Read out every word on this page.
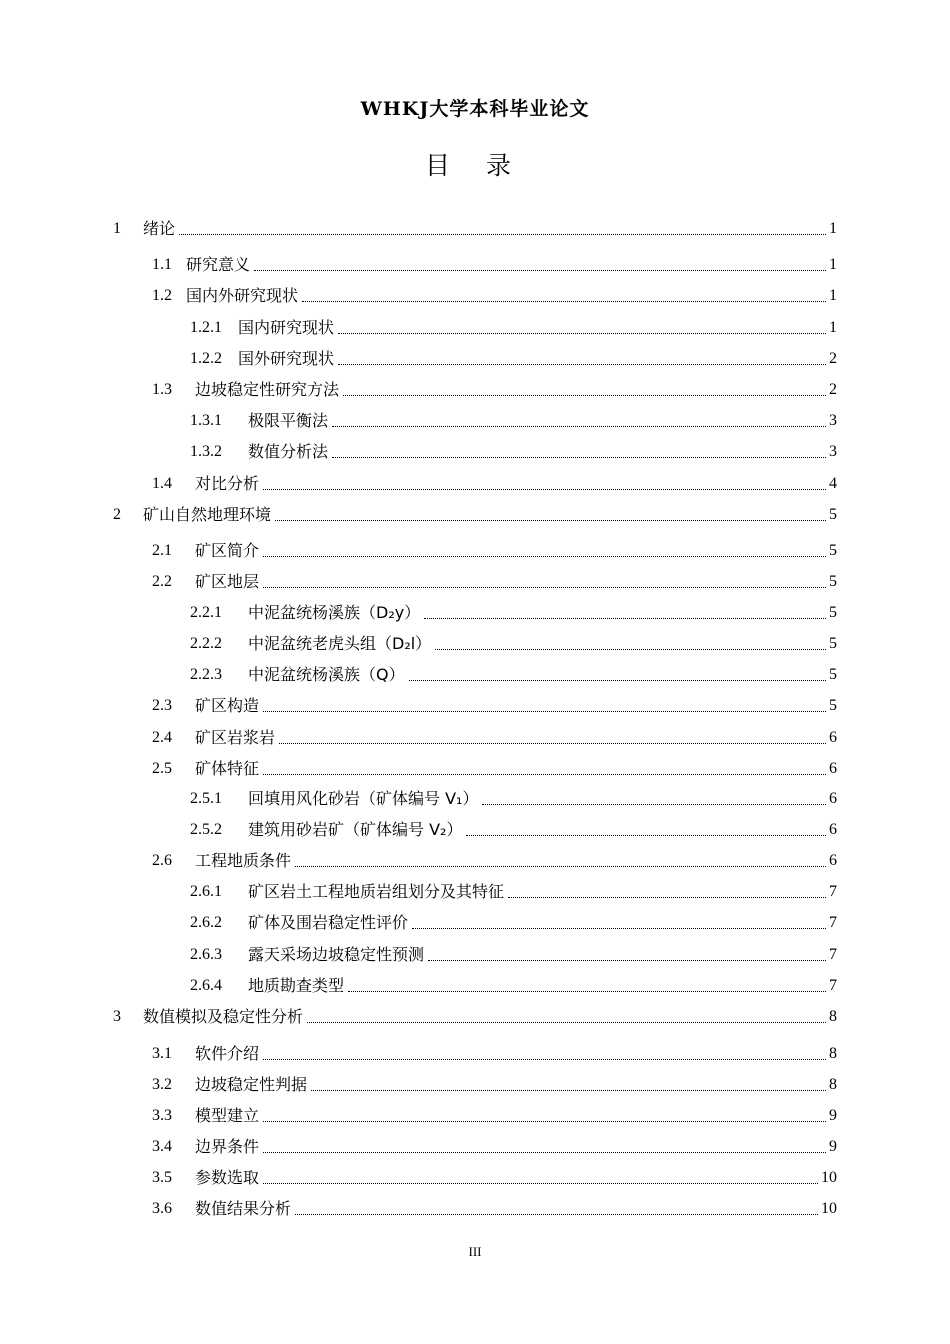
WHKJ大学本科毕业论文
目 录
1 绪论	1
1.1 研究意义	1
1.2 国内外研究现状	1
1.2.1 国内研究现状	1
1.2.2 国外研究现状	2
1.3 边坡稳定性研究方法	2
1.3.1 极限平衡法	3
1.3.2 数值分析法	3
1.4 对比分析	4
2 矿山自然地理环境	5
2.1 矿区简介	5
2.2 矿区地层	5
2.2.1 中泥盆统杨溪族（D₂y）	5
2.2.2 中泥盆统老虎头组（D₂l）	5
2.2.3 中泥盆统杨溪族（Q）	5
2.3 矿区构造	5
2.4 矿区岩浆岩	6
2.5 矿体特征	6
2.5.1 回填用风化砂岩（矿体编号 V₁）	6
2.5.2 建筑用砂岩矿（矿体编号 V₂）	6
2.6 工程地质条件	6
2.6.1 矿区岩土工程地质岩组划分及其特征	7
2.6.2 矿体及围岩稳定性评价	7
2.6.3 露天采场边坡稳定性预测	7
2.6.4 地质勘查类型	7
3 数值模拟及稳定性分析	8
3.1 软件介绍	8
3.2 边坡稳定性判据	8
3.3 模型建立	9
3.4 边界条件	9
3.5 参数选取	10
3.6 数值结果分析	10
III
